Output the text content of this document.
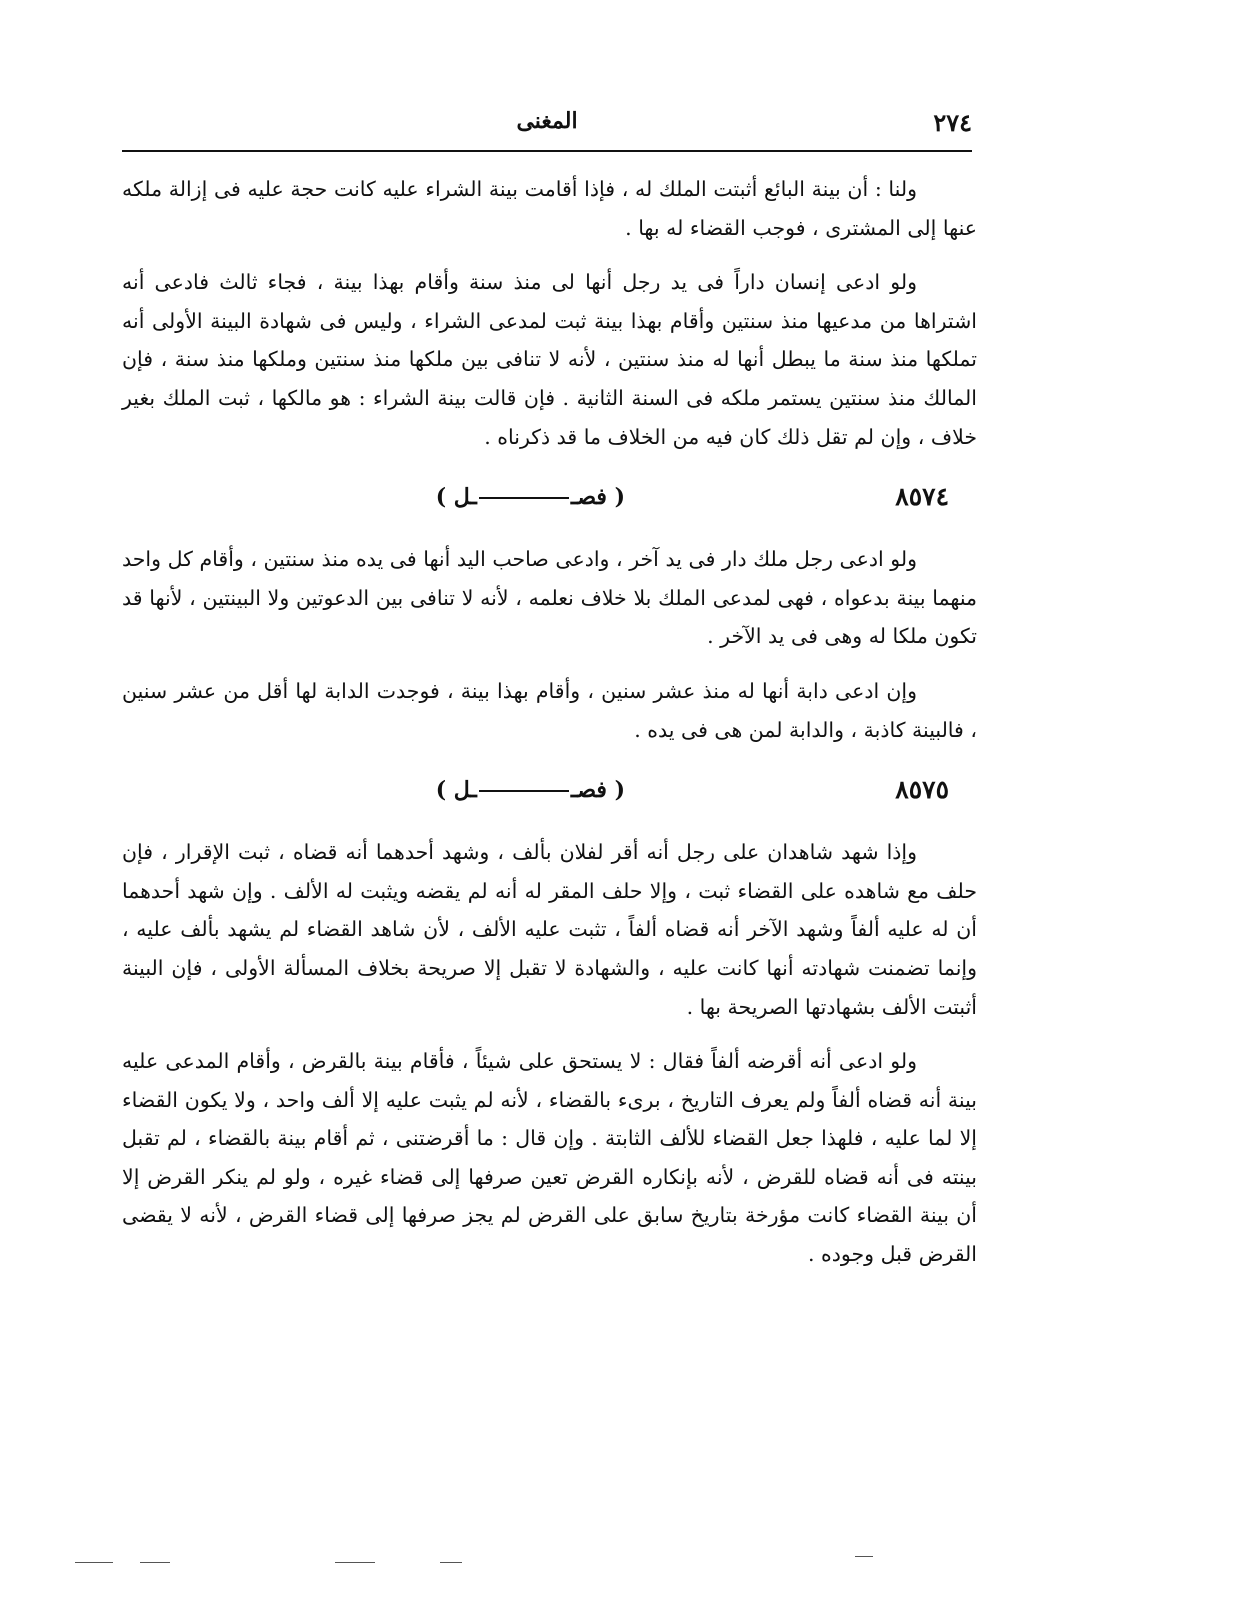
٢٧٤
المغنى

ولنا : أن بينة البائع أثبتت الملك له ، فإذا أقامت بينة الشراء عليه كانت حجة عليه فى إزالة ملكه عنها إلى المشترى ، فوجب القضاء له بها .

ولو ادعى إنسان داراً فى يد رجل أنها لى منذ سنة وأقام بهذا بينة ، فجاء ثالث فادعى أنه اشتراها من مدعيها منذ سنتين وأقام بهذا بينة ثبت لمدعى الشراء ، وليس فى شهادة البينة الأولى أنه تملكها منذ سنة ما يبطل أنها له منذ سنتين ، لأنه لا تنافى بين ملكها منذ سنتين وملكها منذ سنة ، فإن المالك منذ سنتين يستمر ملكه فى السنة الثانية . فإن قالت بينة الشراء : هو مالكها ، ثبت الملك بغير خلاف ، وإن لم تقل ذلك كان فيه من الخلاف ما قد ذكرناه .

٨٥٧٤
( فصــل )

ولو ادعى رجل ملك دار فى يد آخر ، وادعى صاحب اليد أنها فى يده منذ سنتين ، وأقام كل واحد منهما بينة بدعواه ، فهى لمدعى الملك بلا خلاف نعلمه ، لأنه لا تنافى بين الدعوتين ولا البينتين ، لأنها قد تكون ملكا له وهى فى يد الآخر .

وإن ادعى دابة أنها له منذ عشر سنين ، وأقام بهذا بينة ، فوجدت الدابة لها أقل من عشر سنين ، فالبينة كاذبة ، والدابة لمن هى فى يده .

٨٥٧٥
( فصــل )

وإذا شهد شاهدان على رجل أنه أقر لفلان بألف ، وشهد أحدهما أنه قضاه ، ثبت الإقرار ، فإن حلف مع شاهده على القضاء ثبت ، وإلا حلف المقر له أنه لم يقضه ويثبت له الألف . وإن شهد أحدهما أن له عليه ألفاً وشهد الآخر أنه قضاه ألفاً ، تثبت عليه الألف ، لأن شاهد القضاء لم يشهد بألف عليه ، وإنما تضمنت شهادته أنها كانت عليه ، والشهادة لا تقبل إلا صريحة بخلاف المسألة الأولى ، فإن البينة أثبتت الألف بشهادتها الصريحة بها .

ولو ادعى أنه أقرضه ألفاً فقال : لا يستحق على شيئاً ، فأقام بينة بالقرض ، وأقام المدعى عليه بينة أنه قضاه ألفاً ولم يعرف التاريخ ، برىء بالقضاء ، لأنه لم يثبت عليه إلا ألف واحد ، ولا يكون القضاء إلا لما عليه ، فلهذا جعل القضاء للألف الثابتة . وإن قال : ما أقرضتنى ، ثم أقام بينة بالقضاء ، لم تقبل بينته فى أنه قضاه للقرض ، لأنه بإنكاره القرض تعين صرفها إلى قضاء غيره ، ولو لم ينكر القرض إلا أن بينة القضاء كانت مؤرخة بتاريخ سابق على القرض لم يجز صرفها إلى قضاء القرض ، لأنه لا يقضى القرض قبل وجوده .
